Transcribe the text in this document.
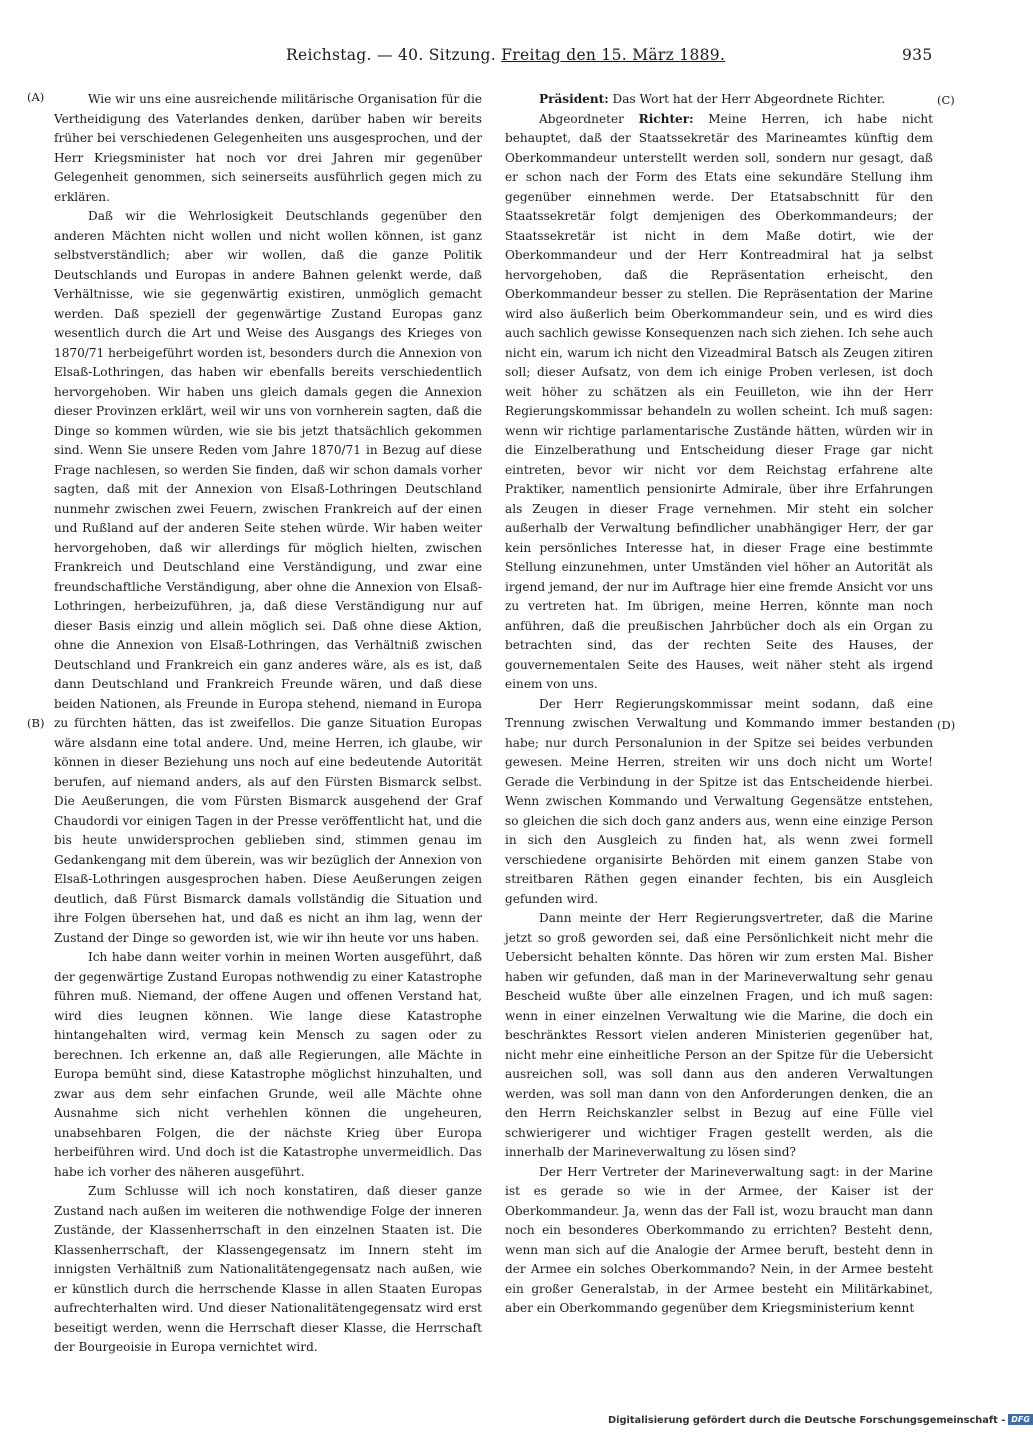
Reichstag. — 40. Sitzung. Freitag den 15. März 1889.	935
(A)
(B)
(C)
(D)

Wie wir uns eine ausreichende militärische Organisation für die Vertheidigung des Vaterlandes denken, darüber haben wir bereits früher bei verschiedenen Gelegenheiten uns ausgesprochen, und der Herr Kriegsminister hat noch vor drei Jahren mir gegenüber Gelegenheit genommen, sich seinerseits ausführlich gegen mich zu erklären.

Daß wir die Wehrlosigkeit Deutschlands gegenüber den anderen Mächten nicht wollen und nicht wollen können, ist ganz selbstverständlich; aber wir wollen, daß die ganze Politik Deutschlands und Europas in andere Bahnen gelenkt werde, daß Verhältnisse, wie sie gegenwärtig existiren, unmöglich gemacht werden. Daß speziell der gegenwärtige Zustand Europas ganz wesentlich durch die Art und Weise des Ausgangs des Krieges von 1870/71 herbeigeführt worden ist, besonders durch die Annexion von Elsaß-Lothringen, das haben wir ebenfalls bereits verschiedentlich hervorgehoben. Wir haben uns gleich damals gegen die Annexion dieser Provinzen erklärt, weil wir uns von vornherein sagten, daß die Dinge so kommen würden, wie sie bis jetzt thatsächlich gekommen sind. Wenn Sie unsere Reden vom Jahre 1870/71 in Bezug auf diese Frage nachlesen, so werden Sie finden, daß wir schon damals vorher sagten, daß mit der Annexion von Elsaß-Lothringen Deutschland nunmehr zwischen zwei Feuern, zwischen Frankreich auf der einen und Rußland auf der anderen Seite stehen würde. Wir haben weiter hervorgehoben, daß wir allerdings für möglich hielten, zwischen Frankreich und Deutschland eine Verständigung, und zwar eine freundschaftliche Verständigung, aber ohne die Annexion von Elsaß-Lothringen, herbeizuführen, ja, daß diese Verständigung nur auf dieser Basis einzig und allein möglich sei. Daß ohne diese Aktion, ohne die Annexion von Elsaß-Lothringen, das Verhältniß zwischen Deutschland und Frankreich ein ganz anderes wäre, als es ist, daß dann Deutschland und Frankreich Freunde wären, und daß diese beiden Nationen, als Freunde in Europa stehend, niemand in Europa zu fürchten hätten, das ist zweifellos. Die ganze Situation Europas wäre alsdann eine total andere. Und, meine Herren, ich glaube, wir können in dieser Beziehung uns noch auf eine bedeutende Autorität berufen, auf niemand anders, als auf den Fürsten Bismarck selbst. Die Aeußerungen, die vom Fürsten Bismarck ausgehend der Graf Chaudordi vor einigen Tagen in der Presse veröffentlicht hat, und die bis heute unwidersprochen geblieben sind, stimmen genau im Gedankengang mit dem überein, was wir bezüglich der Annexion von Elsaß-Lothringen ausgesprochen haben. Diese Aeußerungen zeigen deutlich, daß Fürst Bismarck damals vollständig die Situation und ihre Folgen übersehen hat, und daß es nicht an ihm lag, wenn der Zustand der Dinge so geworden ist, wie wir ihn heute vor uns haben.

Ich habe dann weiter vorhin in meinen Worten ausgeführt, daß der gegenwärtige Zustand Europas nothwendig zu einer Katastrophe führen muß. Niemand, der offene Augen und offenen Verstand hat, wird dies leugnen können. Wie lange diese Katastrophe hintangehalten wird, vermag kein Mensch zu sagen oder zu berechnen. Ich erkenne an, daß alle Regierungen, alle Mächte in Europa bemüht sind, diese Katastrophe möglichst hinzuhalten, und zwar aus dem sehr einfachen Grunde, weil alle Mächte ohne Ausnahme sich nicht verhehlen können die ungeheuren, unabsehbaren Folgen, die der nächste Krieg über Europa herbeiführen wird. Und doch ist die Katastrophe unvermeidlich. Das habe ich vorher des näheren ausgeführt.

Zum Schlusse will ich noch konstatiren, daß dieser ganze Zustand nach außen im weiteren die nothwendige Folge der inneren Zustände, der Klassenherrschaft in den einzelnen Staaten ist. Die Klassenherrschaft, der Klassengegensatz im Innern steht im innigsten Verhältniß zum Nationalitätengegensatz nach außen, wie er künstlich durch die herrschende Klasse in allen Staaten Europas aufrechterhalten wird. Und dieser Nationalitätengegensatz wird erst beseitigt werden, wenn die Herrschaft dieser Klasse, die Herrschaft der Bourgeoisie in Europa vernichtet wird.

Präsident: Das Wort hat der Herr Abgeordnete Richter.

Abgeordneter Richter: Meine Herren, ich habe nicht behauptet, daß der Staatssekretär des Marineamtes künftig dem Oberkommandeur unterstellt werden soll, sondern nur gesagt, daß er schon nach der Form des Etats eine sekundäre Stellung ihm gegenüber einnehmen werde. Der Etatsabschnitt für den Staatssekretär folgt demjenigen des Oberkommandeurs; der Staatssekretär ist nicht in dem Maße dotirt, wie der Oberkommandeur und der Herr Kontreadmiral hat ja selbst hervorgehoben, daß die Repräsentation erheischt, den Oberkommandeur besser zu stellen. Die Repräsentation der Marine wird also äußerlich beim Oberkommandeur sein, und es wird dies auch sachlich gewisse Konsequenzen nach sich ziehen. Ich sehe auch nicht ein, warum ich nicht den Vizeadmiral Batsch als Zeugen zitiren soll; dieser Aufsatz, von dem ich einige Proben verlesen, ist doch weit höher zu schätzen als ein Feuilleton, wie ihn der Herr Regierungskommissar behandeln zu wollen scheint. Ich muß sagen: wenn wir richtige parlamentarische Zustände hätten, würden wir in die Einzelberathung und Entscheidung dieser Frage gar nicht eintreten, bevor wir nicht vor dem Reichstag erfahrene alte Praktiker, namentlich pensionirte Admirale, über ihre Erfahrungen als Zeugen in dieser Frage vernehmen. Mir steht ein solcher außerhalb der Verwaltung befindlicher unabhängiger Herr, der gar kein persönliches Interesse hat, in dieser Frage eine bestimmte Stellung einzunehmen, unter Umständen viel höher an Autorität als irgend jemand, der nur im Auftrage hier eine fremde Ansicht vor uns zu vertreten hat. Im übrigen, meine Herren, könnte man noch anführen, daß die preußischen Jahrbücher doch als ein Organ zu betrachten sind, das der rechten Seite des Hauses, der gouvernementalen Seite des Hauses, weit näher steht als irgend einem von uns.

Der Herr Regierungskommissar meint sodann, daß eine Trennung zwischen Verwaltung und Kommando immer bestanden habe; nur durch Personalunion in der Spitze sei beides verbunden gewesen. Meine Herren, streiten wir uns doch nicht um Worte! Gerade die Verbindung in der Spitze ist das Entscheidende hierbei. Wenn zwischen Kommando und Verwaltung Gegensätze entstehen, so gleichen die sich doch ganz anders aus, wenn eine einzige Person in sich den Ausgleich zu finden hat, als wenn zwei formell verschiedene organisirte Behörden mit einem ganzen Stabe von streitbaren Räthen gegen einander fechten, bis ein Ausgleich gefunden wird.

Dann meinte der Herr Regierungsvertreter, daß die Marine jetzt so groß geworden sei, daß eine Persönlichkeit nicht mehr die Uebersicht behalten könnte. Das hören wir zum ersten Mal. Bisher haben wir gefunden, daß man in der Marineverwaltung sehr genau Bescheid wußte über alle einzelnen Fragen, und ich muß sagen: wenn in einer einzelnen Verwaltung wie die Marine, die doch ein beschränktes Ressort vielen anderen Ministerien gegenüber hat, nicht mehr eine einheitliche Person an der Spitze für die Uebersicht ausreichen soll, was soll dann aus den anderen Verwaltungen werden, was soll man dann von den Anforderungen denken, die an den Herrn Reichskanzler selbst in Bezug auf eine Fülle viel schwierigerer und wichtiger Fragen gestellt werden, als die innerhalb der Marineverwaltung zu lösen sind?

Der Herr Vertreter der Marineverwaltung sagt: in der Marine ist es gerade so wie in der Armee, der Kaiser ist der Oberkommandeur. Ja, wenn das der Fall ist, wozu braucht man dann noch ein besonderes Oberkommando zu errichten? Besteht denn, wenn man sich auf die Analogie der Armee beruft, besteht denn in der Armee ein solches Oberkommando? Nein, in der Armee besteht ein großer Generalstab, in der Armee besteht ein Militärkabinet, aber ein Oberkommando gegenüber dem Kriegsministerium kennt

Digitalisierung gefördert durch die Deutsche Forschungsgemeinschaft - DFG
